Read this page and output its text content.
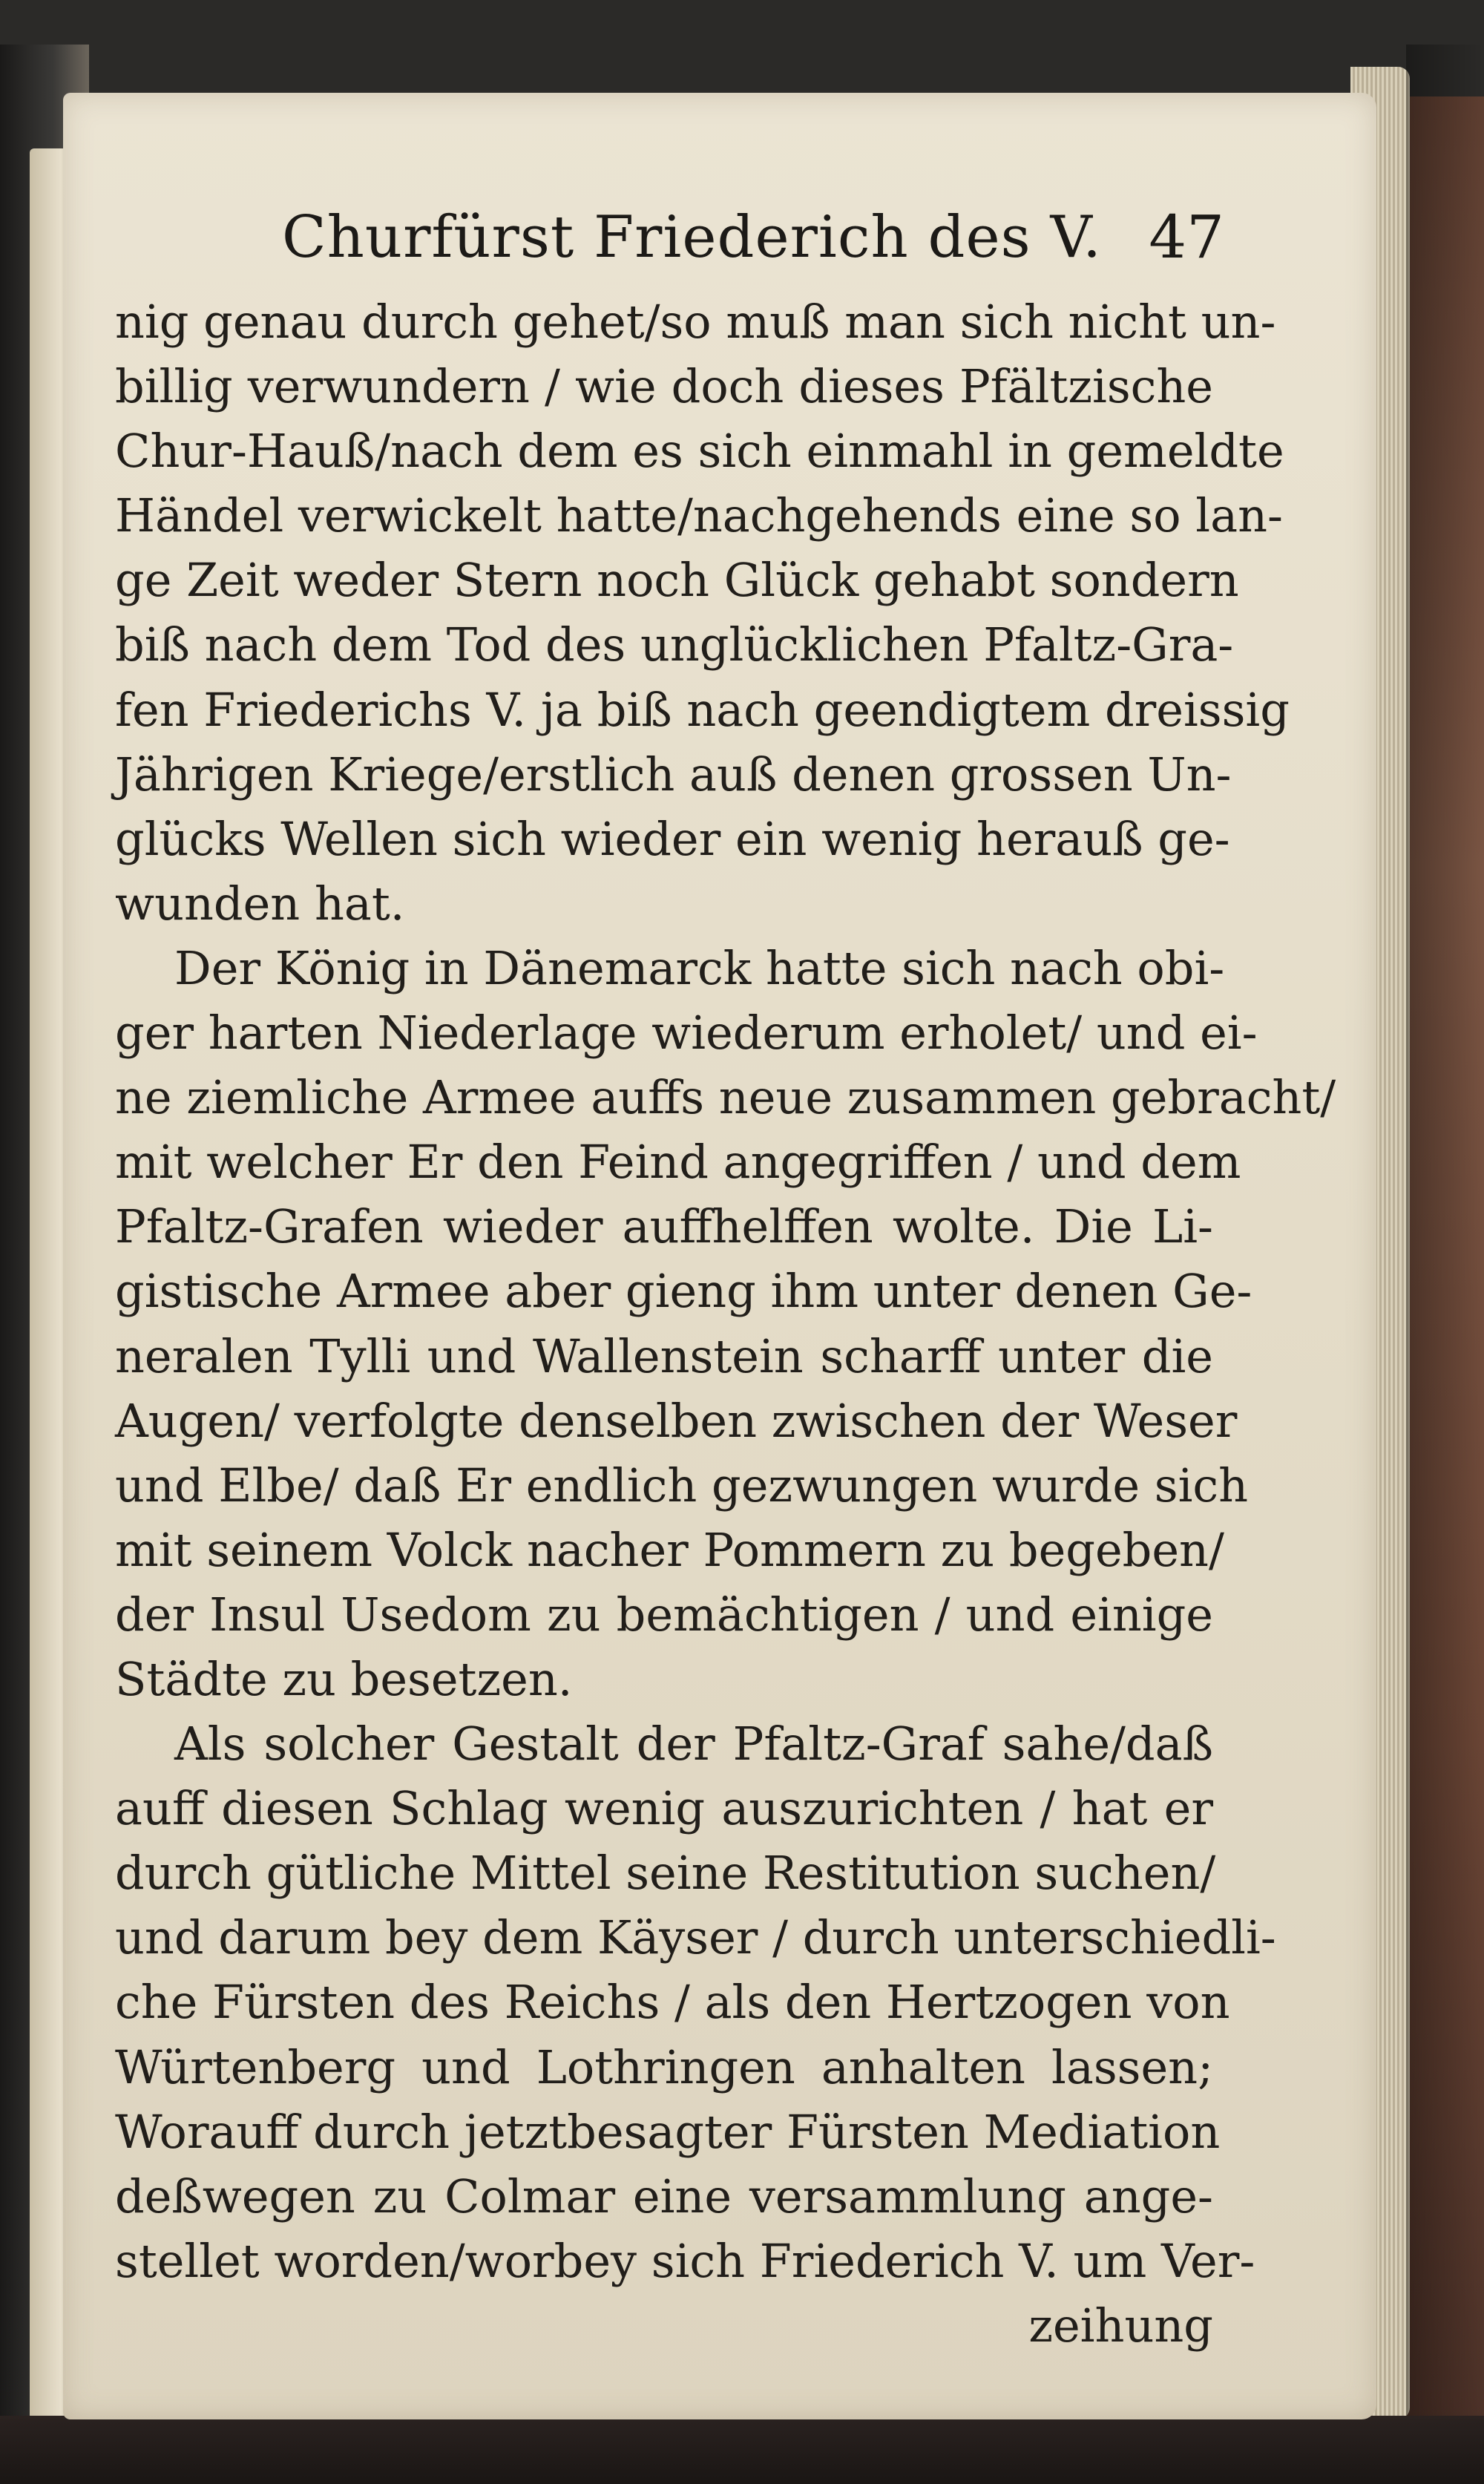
Churfürst Friederich des V. 47
nig genau durch gehet/so muß man sich nicht un-
billig verwundern / wie doch dieses Pfältzische
Chur-Hauß/nach dem es sich einmahl in gemeldte
Händel verwickelt hatte/nachgehends eine so lan-
ge Zeit weder Stern noch Glück gehabt sondern
biß nach dem Tod des unglücklichen Pfaltz-Gra-
fen Friederichs V. ja biß nach geendigtem dreissig
Jährigen Kriege/erstlich auß denen grossen Un-
glücks Wellen sich wieder ein wenig herauß ge-
wunden hat.
Der König in Dänemarck hatte sich nach obi-
ger harten Niederlage wiederum erholet/ und ei-
ne ziemliche Armee auffs neue zusammen gebracht/
mit welcher Er den Feind angegriffen / und dem
Pfaltz-Grafen wieder auffhelffen wolte. Die Li-
gistische Armee aber gieng ihm unter denen Ge-
neralen Tylli und Wallenstein scharff unter die
Augen/ verfolgte denselben zwischen der Weser
und Elbe/ daß Er endlich gezwungen wurde sich
mit seinem Volck nacher Pommern zu begeben/
der Insul Usedom zu bemächtigen / und einige
Städte zu besetzen.
Als solcher Gestalt der Pfaltz-Graf sahe/daß
auff diesen Schlag wenig auszurichten / hat er
durch gütliche Mittel seine Restitution suchen/
und darum bey dem Käyser / durch unterschiedli-
che Fürsten des Reichs / als den Hertzogen von
Würtenberg und Lothringen anhalten lassen;
Worauff durch jetztbesagter Fürsten Mediation
deßwegen zu Colmar eine versammlung ange-
stellet worden/worbey sich Friederich V. um Ver-
zeihung
